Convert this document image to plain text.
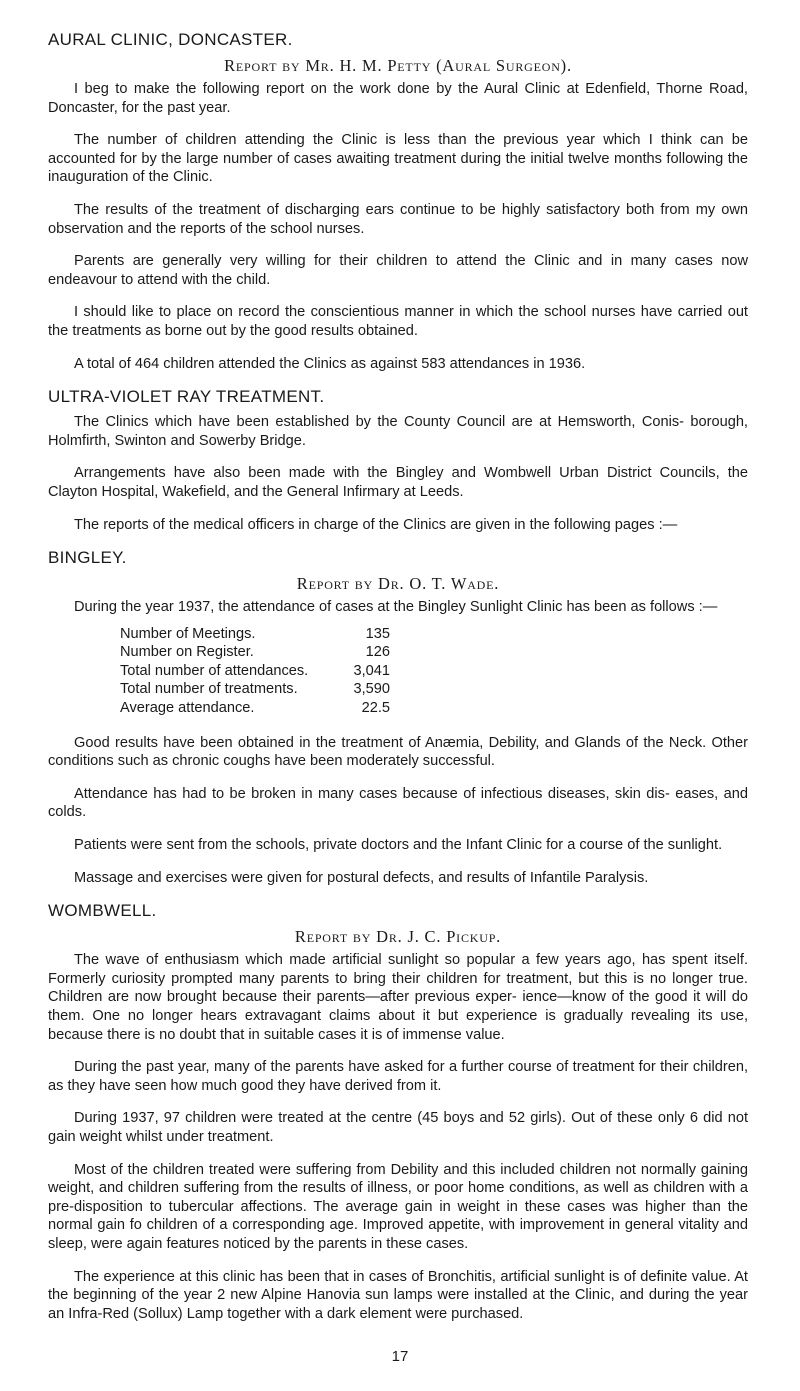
AURAL CLINIC, DONCASTER.
Report by Mr. H. M. Petty (Aural Surgeon).

I beg to make the following report on the work done by the Aural Clinic at Edenfield, Thorne Road, Doncaster, for the past year.

The number of children attending the Clinic is less than the previous year which I think can be accounted for by the large number of cases awaiting treatment during the initial twelve months following the inauguration of the Clinic.

The results of the treatment of discharging ears continue to be highly satisfactory both from my own observation and the reports of the school nurses.

Parents are generally very willing for their children to attend the Clinic and in many cases now endeavour to attend with the child.

I should like to place on record the conscientious manner in which the school nurses have carried out the treatments as borne out by the good results obtained.

A total of 464 children attended the Clinics as against 583 attendances in 1936.

ULTRA-VIOLET RAY TREATMENT.

The Clinics which have been established by the County Council are at Hemsworth, Conis- borough, Holmfirth, Swinton and Sowerby Bridge.

Arrangements have also been made with the Bingley and Wombwell Urban District Councils, the Clayton Hospital, Wakefield, and the General Infirmary at Leeds.

The reports of the medical officers in charge of the Clinics are given in the following pages :—

BINGLEY.
Report by Dr. O. T. Wade.

During the year 1937, the attendance of cases at the Bingley Sunlight Clinic has been as follows :—

Number of Meetings.	135
Number on Register.	126
Total number of attendances.	3,041
Total number of treatments.	3,590
Average attendance.	22.5

Good results have been obtained in the treatment of Anæmia, Debility, and Glands of the Neck. Other conditions such as chronic coughs have been moderately successful.

Attendance has had to be broken in many cases because of infectious diseases, skin dis- eases, and colds.

Patients were sent from the schools, private doctors and the Infant Clinic for a course of the sunlight.

Massage and exercises were given for postural defects, and results of Infantile Paralysis.

WOMBWELL.
Report by Dr. J. C. Pickup.

The wave of enthusiasm which made artificial sunlight so popular a few years ago, has spent itself. Formerly curiosity prompted many parents to bring their children for treatment, but this is no longer true. Children are now brought because their parents—after previous exper- ience—know of the good it will do them. One no longer hears extravagant claims about it but experience is gradually revealing its use, because there is no doubt that in suitable cases it is of immense value.

During the past year, many of the parents have asked for a further course of treatment for their children, as they have seen how much good they have derived from it.

During 1937, 97 children were treated at the centre (45 boys and 52 girls). Out of these only 6 did not gain weight whilst under treatment.

Most of the children treated were suffering from Debility and this included children not normally gaining weight, and children suffering from the results of illness, or poor home conditions, as well as children with a pre-disposition to tubercular affections. The average gain in weight in these cases was higher than the normal gain fo children of a corresponding age. Improved appetite, with improvement in general vitality and sleep, were again features noticed by the parents in these cases.

The experience at this clinic has been that in cases of Bronchitis, artificial sunlight is of definite value. At the beginning of the year 2 new Alpine Hanovia sun lamps were installed at the Clinic, and during the year an Infra-Red (Sollux) Lamp together with a dark element were purchased.

17
